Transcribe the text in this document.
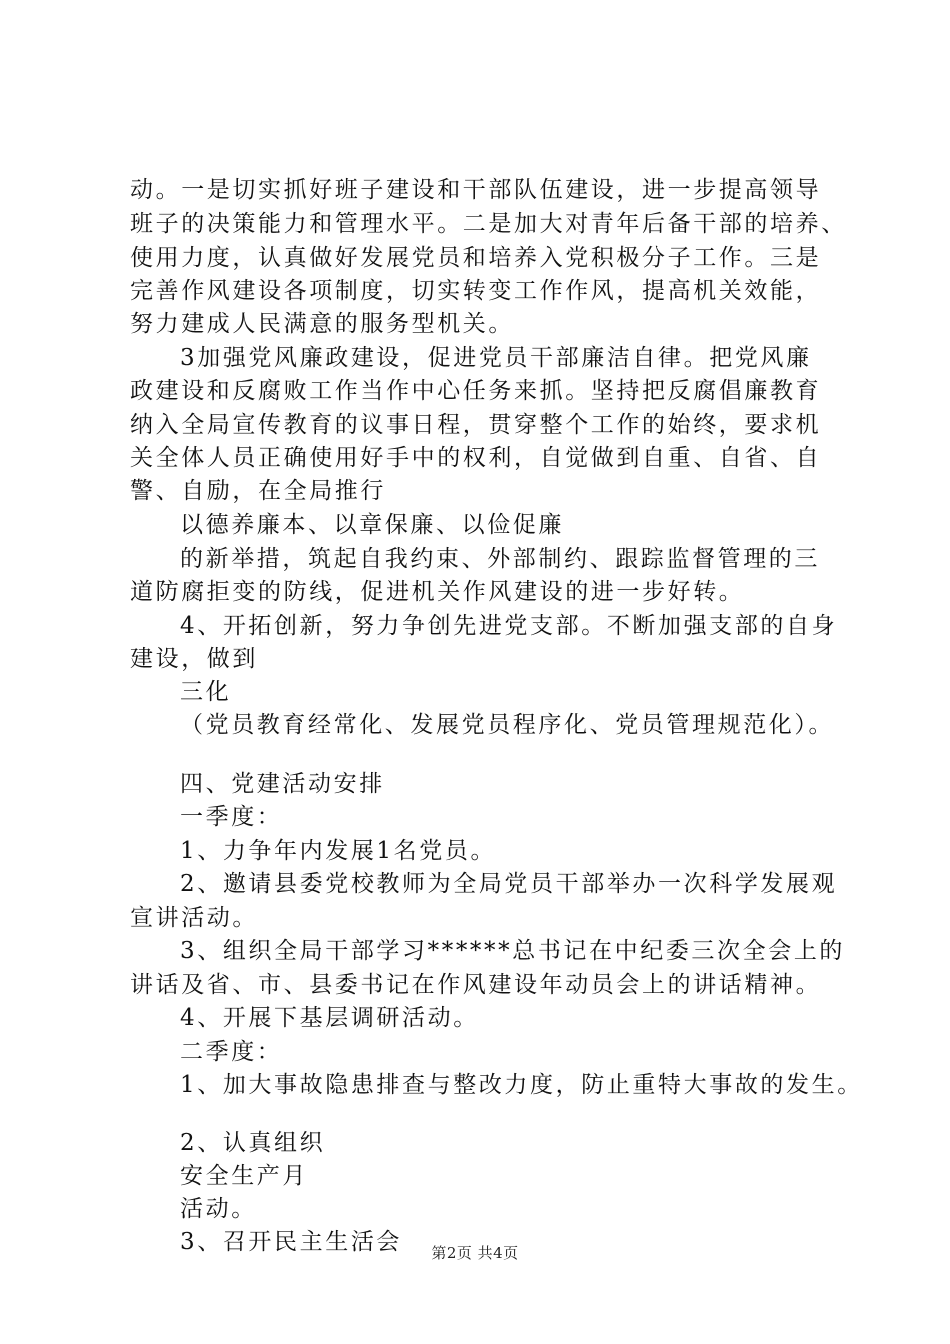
动。一是切实抓好班子建设和干部队伍建设，进一步提高领导
班子的决策能力和管理水平。二是加大对青年后备干部的培养、
使用力度，认真做好发展党员和培养入党积极分子工作。三是
完善作风建设各项制度，切实转变工作作风，提高机关效能，
努力建成人民满意的服务型机关。
3加强党风廉政建设，促进党员干部廉洁自律。把党风廉
政建设和反腐败工作当作中心任务来抓。坚持把反腐倡廉教育
纳入全局宣传教育的议事日程，贯穿整个工作的始终，要求机
关全体人员正确使用好手中的权利，自觉做到自重、自省、自
警、自励，在全局推行
以德养廉本、以章保廉、以俭促廉
的新举措，筑起自我约束、外部制约、跟踪监督管理的三
道防腐拒变的防线，促进机关作风建设的进一步好转。
4、开拓创新，努力争创先进党支部。不断加强支部的自身
建设，做到
三化
（党员教育经常化、发展党员程序化、党员管理规范化）。
四、党建活动安排
一季度：
1、力争年内发展1名党员。
2、邀请县委党校教师为全局党员干部举办一次科学发展观
宣讲活动。
3、组织全局干部学习******总书记在中纪委三次全会上的
讲话及省、市、县委书记在作风建设年动员会上的讲话精神。
4、开展下基层调研活动。
二季度：
1、加大事故隐患排查与整改力度，防止重特大事故的发生。
2、认真组织
安全生产月
活动。
3、召开民主生活会	第2页 共4页
